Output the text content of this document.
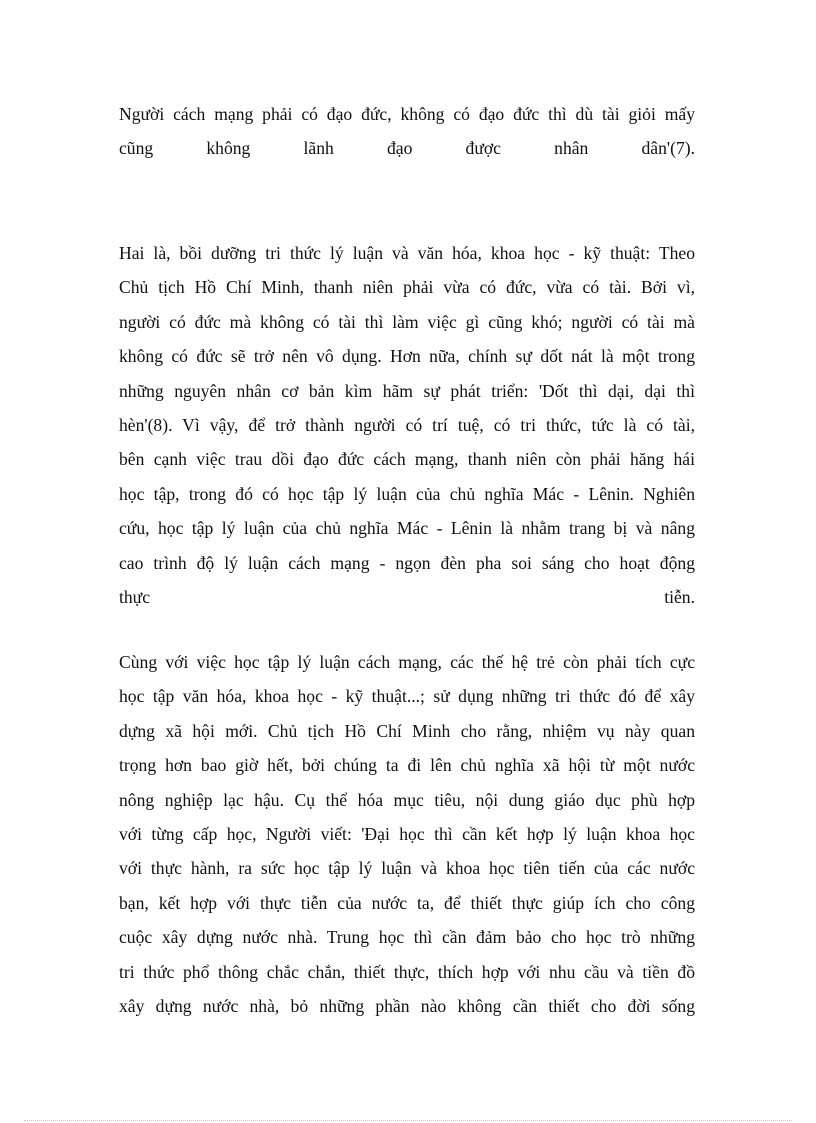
Người cách mạng phải có đạo đức, không có đạo đức thì dù tài giỏi mấy
cũng không lãnh đạo được nhân dân'(7).
Hai là, bồi dưỡng tri thức lý luận và văn hóa, khoa học - kỹ thuật: Theo
Chủ tịch Hồ Chí Minh, thanh niên phải vừa có đức, vừa có tài. Bởi vì,
người có đức mà không có tài thì làm việc gì cũng khó; người có tài mà
không có đức sẽ trở nên vô dụng. Hơn nữa, chính sự dốt nát là một trong
những nguyên nhân cơ bản kìm hãm sự phát triển: 'Dốt thì dại, dại thì
hèn'(8). Vì vậy, để trở thành người có trí tuệ, có tri thức, tức là có tài,
bên cạnh việc trau dồi đạo đức cách mạng, thanh niên còn phải hăng hái
học tập, trong đó có học tập lý luận của chủ nghĩa Mác - Lênin. Nghiên
cứu, học tập lý luận của chủ nghĩa Mác - Lênin là nhằm trang bị và nâng
cao trình độ lý luận cách mạng - ngọn đèn pha soi sáng cho hoạt động
thực tiễn.
Cùng với việc học tập lý luận cách mạng, các thế hệ trẻ còn phải tích cực
học tập văn hóa, khoa học - kỹ thuật...; sử dụng những tri thức đó để xây
dựng xã hội mới. Chủ tịch Hồ Chí Minh cho rằng, nhiệm vụ này quan
trọng hơn bao giờ hết, bởi chúng ta đi lên chủ nghĩa xã hội từ một nước
nông nghiệp lạc hậu. Cụ thể hóa mục tiêu, nội dung giáo dục phù hợp
với từng cấp học, Người viết: 'Đại học thì cần kết hợp lý luận khoa học
với thực hành, ra sức học tập lý luận và khoa học tiên tiến của các nước
bạn, kết hợp với thực tiễn của nước ta, để thiết thực giúp ích cho công
cuộc xây dựng nước nhà. Trung học thì cần đảm bảo cho học trò những
tri thức phổ thông chắc chắn, thiết thực, thích hợp với nhu cầu và tiền đồ
xây dựng nước nhà, bỏ những phần nào không cần thiết cho đời sống
